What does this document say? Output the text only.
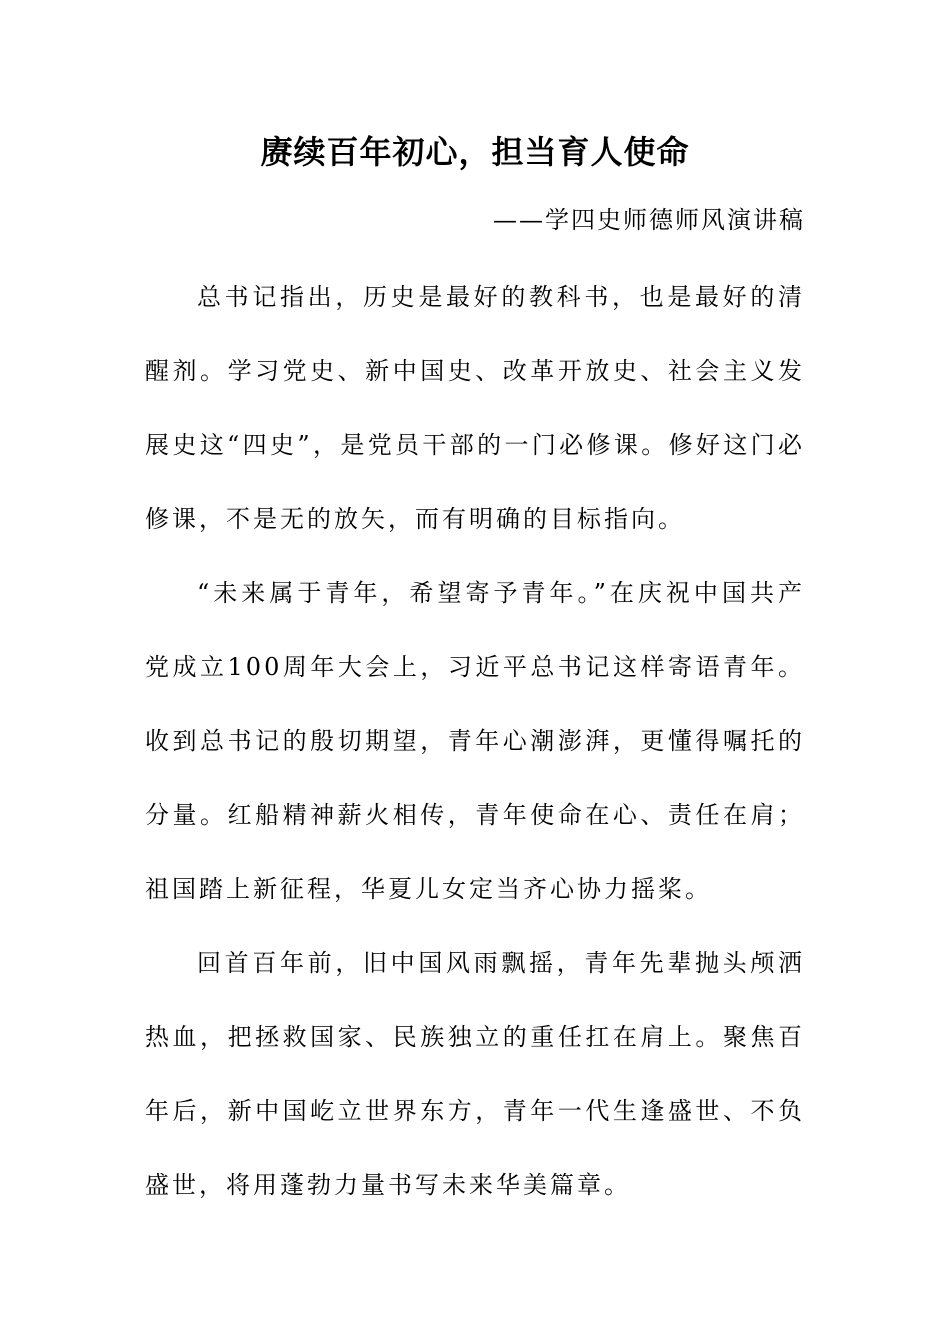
赓续百年初心，担当育人使命
——学四史师德师风演讲稿

总书记指出，历史是最好的教科书，也是最好的清醒剂。学习党史、新中国史、改革开放史、社会主义发展史这“四史”，是党员干部的一门必修课。修好这门必修课，不是无的放矢，而有明确的目标指向。

“未来属于青年，希望寄予青年。”在庆祝中国共产党成立100周年大会上，习近平总书记这样寄语青年。收到总书记的殷切期望，青年心潮澎湃，更懂得嘱托的分量。红船精神薪火相传，青年使命在心、责任在肩；祖国踏上新征程，华夏儿女定当齐心协力摇桨。

回首百年前，旧中国风雨飘摇，青年先辈抛头颅洒热血，把拯救国家、民族独立的重任扛在肩上。聚焦百年后，新中国屹立世界东方，青年一代生逢盛世、不负盛世，将用蓬勃力量书写未来华美篇章。
